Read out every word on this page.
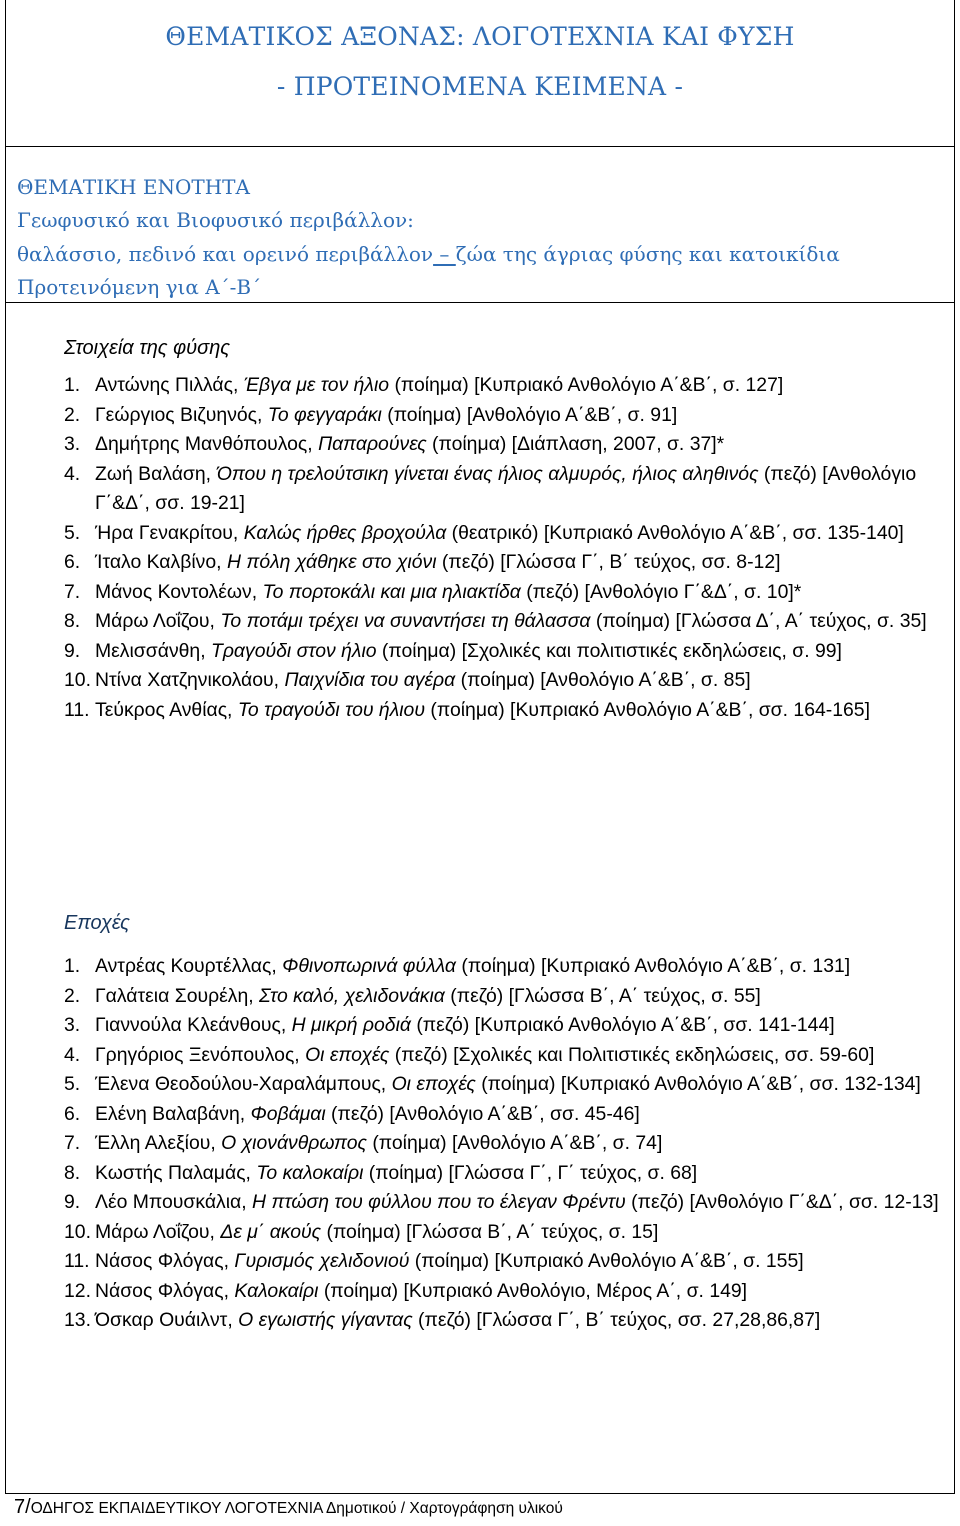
ΘΕΜΑΤΙΚΟΣ ΑΞΟΝΑΣ: ΛΟΓΟΤΕΧΝΙΑ ΚΑΙ ΦΥΣΗ
- ΠΡΟΤΕΙΝΟΜΕΝΑ ΚΕΙΜΕΝΑ -
ΘΕΜΑΤΙΚΗ ΕΝΟΤΗΤΑ
Γεωφυσικό και Βιοφυσικό περιβάλλον:
θαλάσσιο, πεδινό και ορεινό περιβάλλον – ζώα της άγριας φύσης και κατοικίδια
Προτεινόμενη για Α΄-Β΄
Στοιχεία της φύσης
1. Αντώνης Πιλλάς, Έβγα με τον ήλιο (ποίημα) [Κυπριακό Ανθολόγιο Α΄&Β΄, σ. 127]
2. Γεώργιος Βιζυηνός, Το φεγγαράκι (ποίημα) [Ανθολόγιο Α΄&Β΄, σ. 91]
3. Δημήτρης Μανθόπουλος, Παπαρούνες (ποίημα) [Διάπλαση, 2007, σ. 37]*
4. Ζωή Βαλάση, Όπου η τρελούτσικη γίνεται ένας ήλιος αλμυρός, ήλιος αληθινός (πεζό) [Ανθολόγιο Γ΄&Δ΄, σσ. 19-21]
5. Ήρα Γενακρίτου, Καλώς ήρθες βροχούλα (θεατρικό) [Κυπριακό Ανθολόγιο Α΄&Β΄, σσ. 135-140]
6. Ίταλο Καλβίνο, Η πόλη χάθηκε στο χιόνι (πεζό) [Γλώσσα Γ΄, Β΄ τεύχος, σσ. 8-12]
7. Μάνος Κοντολέων, Το πορτοκάλι και μια ηλιακτίδα (πεζό) [Ανθολόγιο Γ΄&Δ΄, σ. 10]*
8. Μάρω Λοΐζου, Το ποτάμι τρέχει να συναντήσει τη θάλασσα (ποίημα) [Γλώσσα Δ΄, Α΄ τεύχος, σ. 35]
9. Μελισσάνθη, Τραγούδι στον ήλιο (ποίημα) [Σχολικές και πολιτιστικές εκδηλώσεις, σ. 99]
10. Ντίνα Χατζηνικολάου, Παιχνίδια του αγέρα (ποίημα) [Ανθολόγιο Α΄&Β΄, σ. 85]
11. Τεύκρος Ανθίας, Το τραγούδι του ήλιου (ποίημα) [Κυπριακό Ανθολόγιο Α΄&Β΄, σσ. 164-165]
Εποχές
1. Αντρέας Κουρτέλλας, Φθινοπωρινά φύλλα (ποίημα) [Κυπριακό Ανθολόγιο Α΄&Β΄, σ. 131]
2. Γαλάτεια Σουρέλη, Στο καλό, χελιδονάκια (πεζό) [Γλώσσα Β΄, Α΄ τεύχος, σ. 55]
3. Γιαννούλα Κλεάνθους, Η μικρή ροδιά (πεζό) [Κυπριακό Ανθολόγιο Α΄&Β΄, σσ. 141-144]
4. Γρηγόριος Ξενόπουλος, Οι εποχές (πεζό) [Σχολικές και Πολιτιστικές εκδηλώσεις, σσ. 59-60]
5. Έλενα Θεοδούλου-Χαραλάμπους, Οι εποχές (ποίημα) [Κυπριακό Ανθολόγιο Α΄&Β΄, σσ. 132-134]
6. Ελένη Βαλαβάνη, Φοβάμαι (πεζό) [Ανθολόγιο Α΄&Β΄, σσ. 45-46]
7. Έλλη Αλεξίου, Ο χιονάνθρωπος (ποίημα) [Ανθολόγιο Α΄&Β΄, σ. 74]
8. Κωστής Παλαμάς, Το καλοκαίρι (ποίημα) [Γλώσσα Γ΄, Γ΄ τεύχος, σ. 68]
9. Λέο Μπουσκάλια, Η πτώση του φύλλου που το έλεγαν Φρέντυ (πεζό) [Ανθολόγιο Γ΄&Δ΄, σσ. 12-13]
10. Μάρω Λοΐζου, Δε μ΄ ακούς (ποίημα) [Γλώσσα Β΄, Α΄ τεύχος, σ. 15]
11. Νάσος Φλόγας, Γυρισμός χελιδονιού (ποίημα) [Κυπριακό Ανθολόγιο Α΄&Β΄, σ. 155]
12. Νάσος Φλόγας, Καλοκαίρι (ποίημα) [Κυπριακό Ανθολόγιο, Μέρος Α΄, σ. 149]
13. Όσκαρ Ουάιλντ, Ο εγωιστής γίγαντας (πεζό) [Γλώσσα Γ΄, Β΄ τεύχος, σσ. 27,28,86,87]
7/ΟΔΗΓΟΣ ΕΚΠΑΙΔΕΥΤΙΚΟΥ ΛΟΓΟΤΕΧΝΙΑ Δημοτικού / Χαρτογράφηση υλικού
